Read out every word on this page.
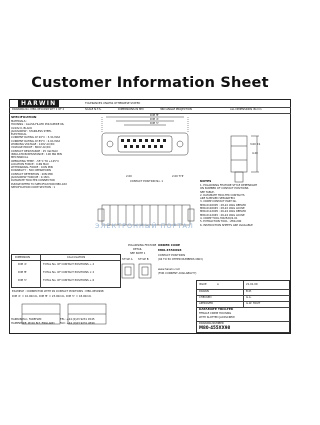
Customer Information Sheet
HARWIN
DRAWING No. M80-455XX98 SHT 1 OF 2	SCALE N.T.S.	DIMENSIONS IN MM	3RD ANGLE PROJECTION	ALL DIMENSIONS IN mm
TOLERANCES UNLESS OTHERWISE STATED
SPECIFICATION
MATERIALS :
HOUSING : GLASS-FILLED POLYAMIDE 66,
UL94V-0, BLACK
JACKSCREW : STAINLESS STEEL
ELECTRICAL
CURRENT RATING AT 20°C : 3.3A MAX
CURRENT RATING AT 85°C : 2.0A MAX
WORKING VOLTAGE : 120V AC/DC
VOLTAGE PROOF : 800V AC/DC
CONTACT RESISTANCE : 25 mΩ MAX
INSULATION RESISTANCE : 100 MΩ MIN
MECHANICAL
OPERATING TEMP : -55°C TO +125°C
LOCATION FORCE : 0.6N MAX
WITHDRAWAL FORCE : 0.6N MIN
DURABILITY : 500 OPERATIONS
CONTACT RETENTION : 20N MIN
JACKSCREW TORQUE : 0.1Nm
DATAMATE TRIO-TEK CONNECTOR
PLEASE REFER TO SPECIFICATION M80-4XX
SPECIFICATION CODE SECTION : 1
DIMENSION	CALCULATION
DIM 'A'	TOTAL No. OF CONTACT POSITIONS ÷ 2
DIM 'B'	TOTAL No. OF CONTACT POSITIONS × 2
DIM 'C'	TOTAL No. OF CONTACT POSITIONS + 6
EXAMPLE : CONNECTOR WITH 09 CONTACT POSITIONS : M80-4550998
DIM 'A' = 10.00mm, DIM 'B' = 23.00mm, DIM 'C' = 18.00mm
DIM 'B'
DIM 'A'
DIM 'C'
2.00	2.00 TYP
CONTACT POSITION No. 1
3.00 ±1
4.20
NOTES
1. POLARISING FEATURE STYLE DEPENDANT
ON NUMBER OF CONTACT POSITIONS
SEE TABLE.
2. DATAMATE TRIO-TEK CONTACTS
ARE SUPPLIED SEPARATELY.
3. CRIMP CONTACT PART No.
M80-0102005 : 28-22 AWG REELED
M80-0102045 : 28-22 AWG LOOSE
M80-0112005 : 26-24 AWG REELED
M80-0112045 : 26-24 AWG LOOSE
4. CRIMP TOOL M22520/2-01
5. EXTRACTION TOOL : Z80-290
6. INSTRUCTION SHEETS ARE AVAILABLE
ORDER CODE
M80-455XX98
CONTACT POSITIONS
(04 TO 50 OTHER NUMBERS ONLY)
www.harwin.com
(FOR CURRENT AVAILABILITY)
POLARISING FEATURE
DETAIL
SEE NOTE 1
STYLE A STYLE B
ISSUE	A	21.01.09
DRAWN	B.M.
CHECKED	G.A.
APPROVED	G.W. HOUT
DATAMATE TRIO-TEK
FEMALE CRIMP HOUSING
WITH SLOTTED JACKSCREW
DRAWING NUMBER
M80-455XX98
HARWIN PLC, FAREHAM
HAMPSHIRE, PO16 8LT, ENGLAND
TEL: +44 (0)23 9231 4545
FAX: +44 (0)23 9231 4590
ЭЛЕКТРОННЫЙ ПОРТАЛ
